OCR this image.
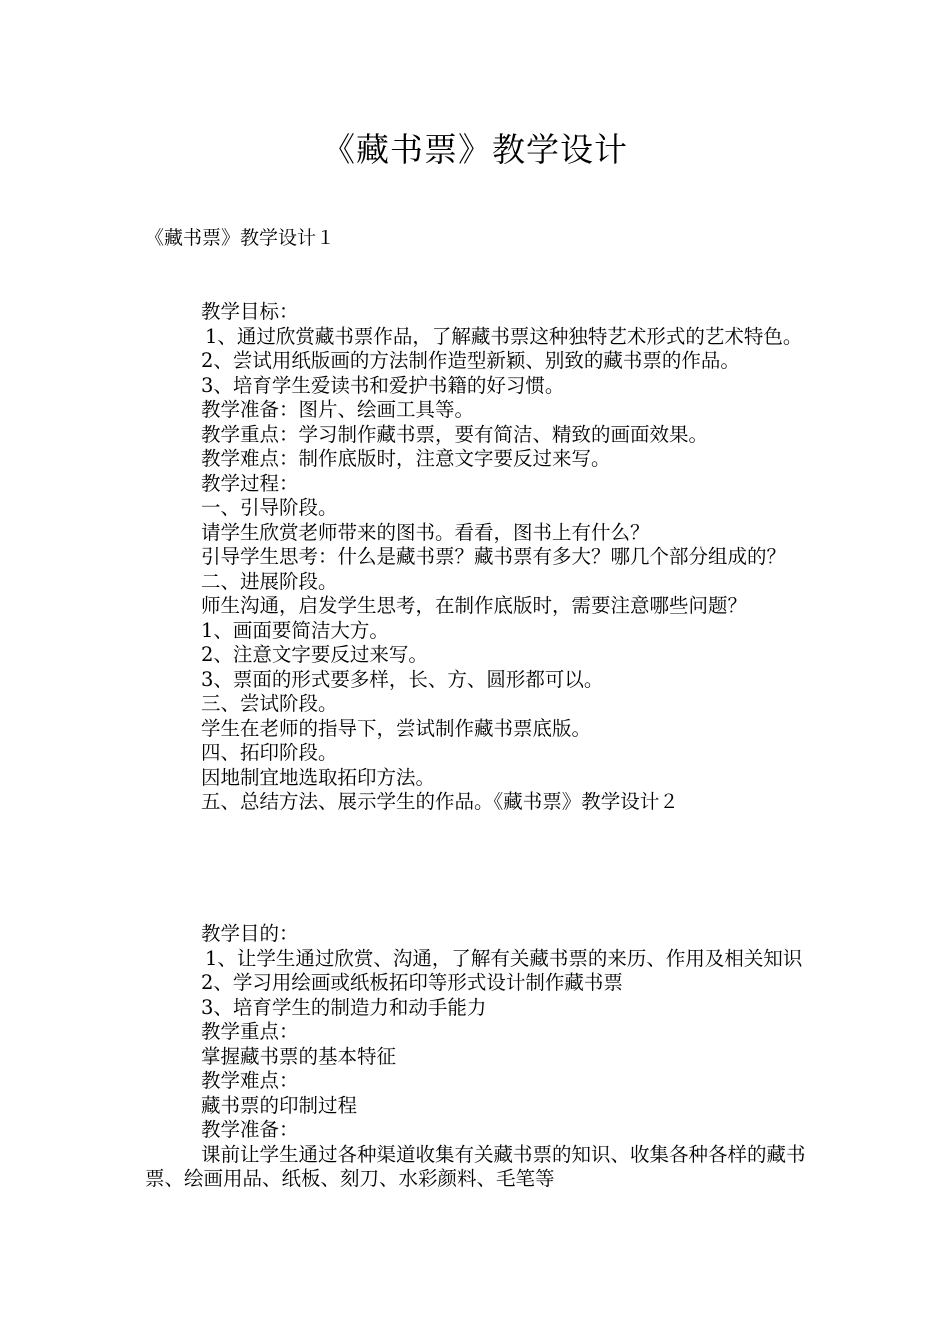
《藏书票》教学设计

《藏书票》教学设计１

教学目标：

1、通过欣赏藏书票作品，了解藏书票这种独特艺术形式的艺术特色。

2、尝试用纸版画的方法制作造型新颖、别致的藏书票的作品。

3、培育学生爱读书和爱护书籍的好习惯。

教学准备：图片、绘画工具等。

教学重点：学习制作藏书票，要有简洁、精致的画面效果。

教学难点：制作底版时，注意文字要反过来写。

教学过程：

一、引导阶段。

请学生欣赏老师带来的图书。看看，图书上有什么？

引导学生思考：什么是藏书票？藏书票有多大？哪几个部分组成的？

二、进展阶段。

师生沟通，启发学生思考，在制作底版时，需要注意哪些问题？

1、画面要简洁大方。

2、注意文字要反过来写。

3、票面的形式要多样，长、方、圆形都可以。

三、尝试阶段。

学生在老师的指导下，尝试制作藏书票底版。

四、拓印阶段。

因地制宜地选取拓印方法。

五、总结方法、展示学生的作品。《藏书票》教学设计２

教学目的：

1、让学生通过欣赏、沟通，了解有关藏书票的来历、作用及相关知识

2、学习用绘画或纸板拓印等形式设计制作藏书票

3、培育学生的制造力和动手能力

教学重点：

掌握藏书票的基本特征

教学难点：

藏书票的印制过程

教学准备：

课前让学生通过各种渠道收集有关藏书票的知识、收集各种各样的藏书票、绘画用品、纸板、刻刀、水彩颜料、毛笔等
